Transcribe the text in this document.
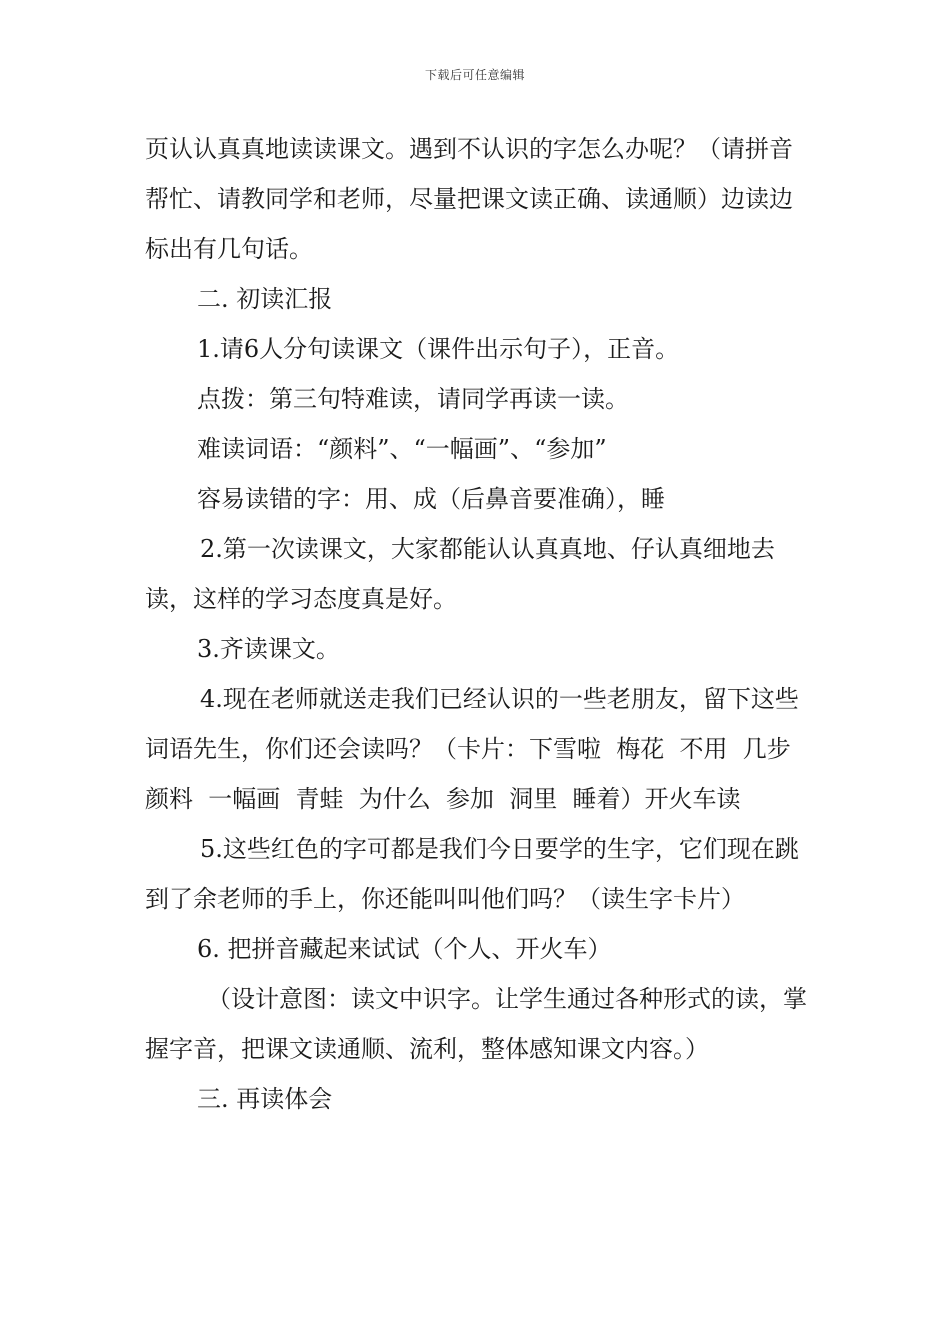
下载后可任意编辑

页认认真真地读读课文。遇到不认识的字怎么办呢？（请拼音帮忙、请教同学和老师，尽量把课文读正确、读通顺）边读边标出有几句话。

二. 初读汇报

1.请6人分句读课文（课件出示句子），正音。

点拨：第三句特难读，请同学再读一读。

难读词语：“颜料”、“一幅画”、“参加”

容易读错的字：用、成（后鼻音要准确），睡

2.第一次读课文，大家都能认认真真地、仔认真细地去读，这样的学习态度真是好。

3.齐读课文。

4.现在老师就送走我们已经认识的一些老朋友，留下这些词语先生，你们还会读吗？（卡片：下雪啦  梅花  不用  几步  颜料  一幅画  青蛙  为什么  参加  洞里  睡着）开火车读

5.这些红色的字可都是我们今日要学的生字，它们现在跳到了余老师的手上，你还能叫叫他们吗？（读生字卡片）

6. 把拼音藏起来试试（个人、开火车）

（设计意图：读文中识字。让学生通过各种形式的读，掌握字音，把课文读通顺、流利，整体感知课文内容。）

三. 再读体会
